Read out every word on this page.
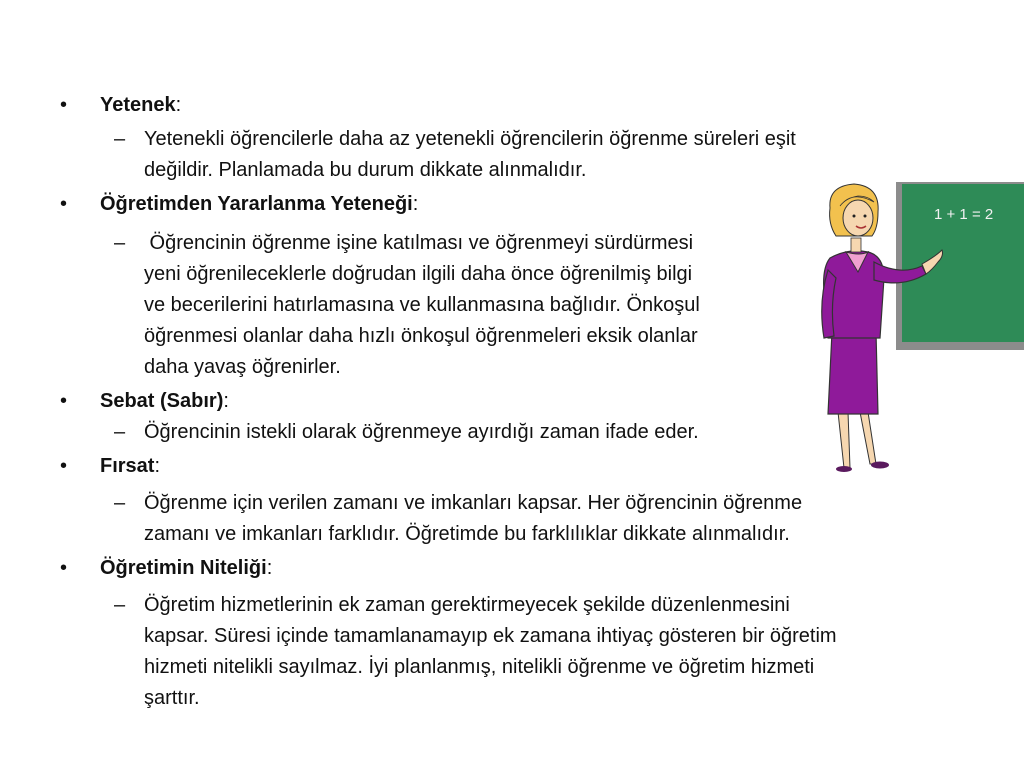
• Yetenek:
– Yetenekli öğrencilerle daha az yetenekli öğrencilerin öğrenme süreleri eşit
değildir. Planlamada bu durum dikkate alınmalıdır.
• Öğretimden Yararlanma Yeteneği:
– Öğrencinin öğrenme işine katılması ve öğrenmeyi sürdürmesi
yeni öğrenileceklerle doğrudan ilgili daha önce öğrenilmiş bilgi
ve becerilerini hatırlamasına ve kullanmasına bağlıdır. Önkoşul
öğrenmesi olanlar daha hızlı önkoşul öğrenmeleri eksik olanlar
daha yavaş öğrenirler.
• Sebat (Sabır):
– Öğrencinin istekli olarak öğrenmeye ayırdığı zaman ifade eder.
• Fırsat:
– Öğrenme için verilen zamanı ve imkanları kapsar. Her öğrencinin öğrenme
zamanı ve imkanları farklıdır. Öğretimde bu farklılıklar dikkate alınmalıdır.
• Öğretimin Niteliği:
– Öğretim hizmetlerinin ek zaman gerektirmeyecek şekilde düzenlenmesini
kapsar. Süresi içinde tamamlanamayıp ek zamana ihtiyaç gösteren bir öğretim
hizmeti nitelikli sayılmaz. İyi planlanmış, nitelikli öğrenme ve öğretim hizmeti
şarttır.
1 + 1 = 2
